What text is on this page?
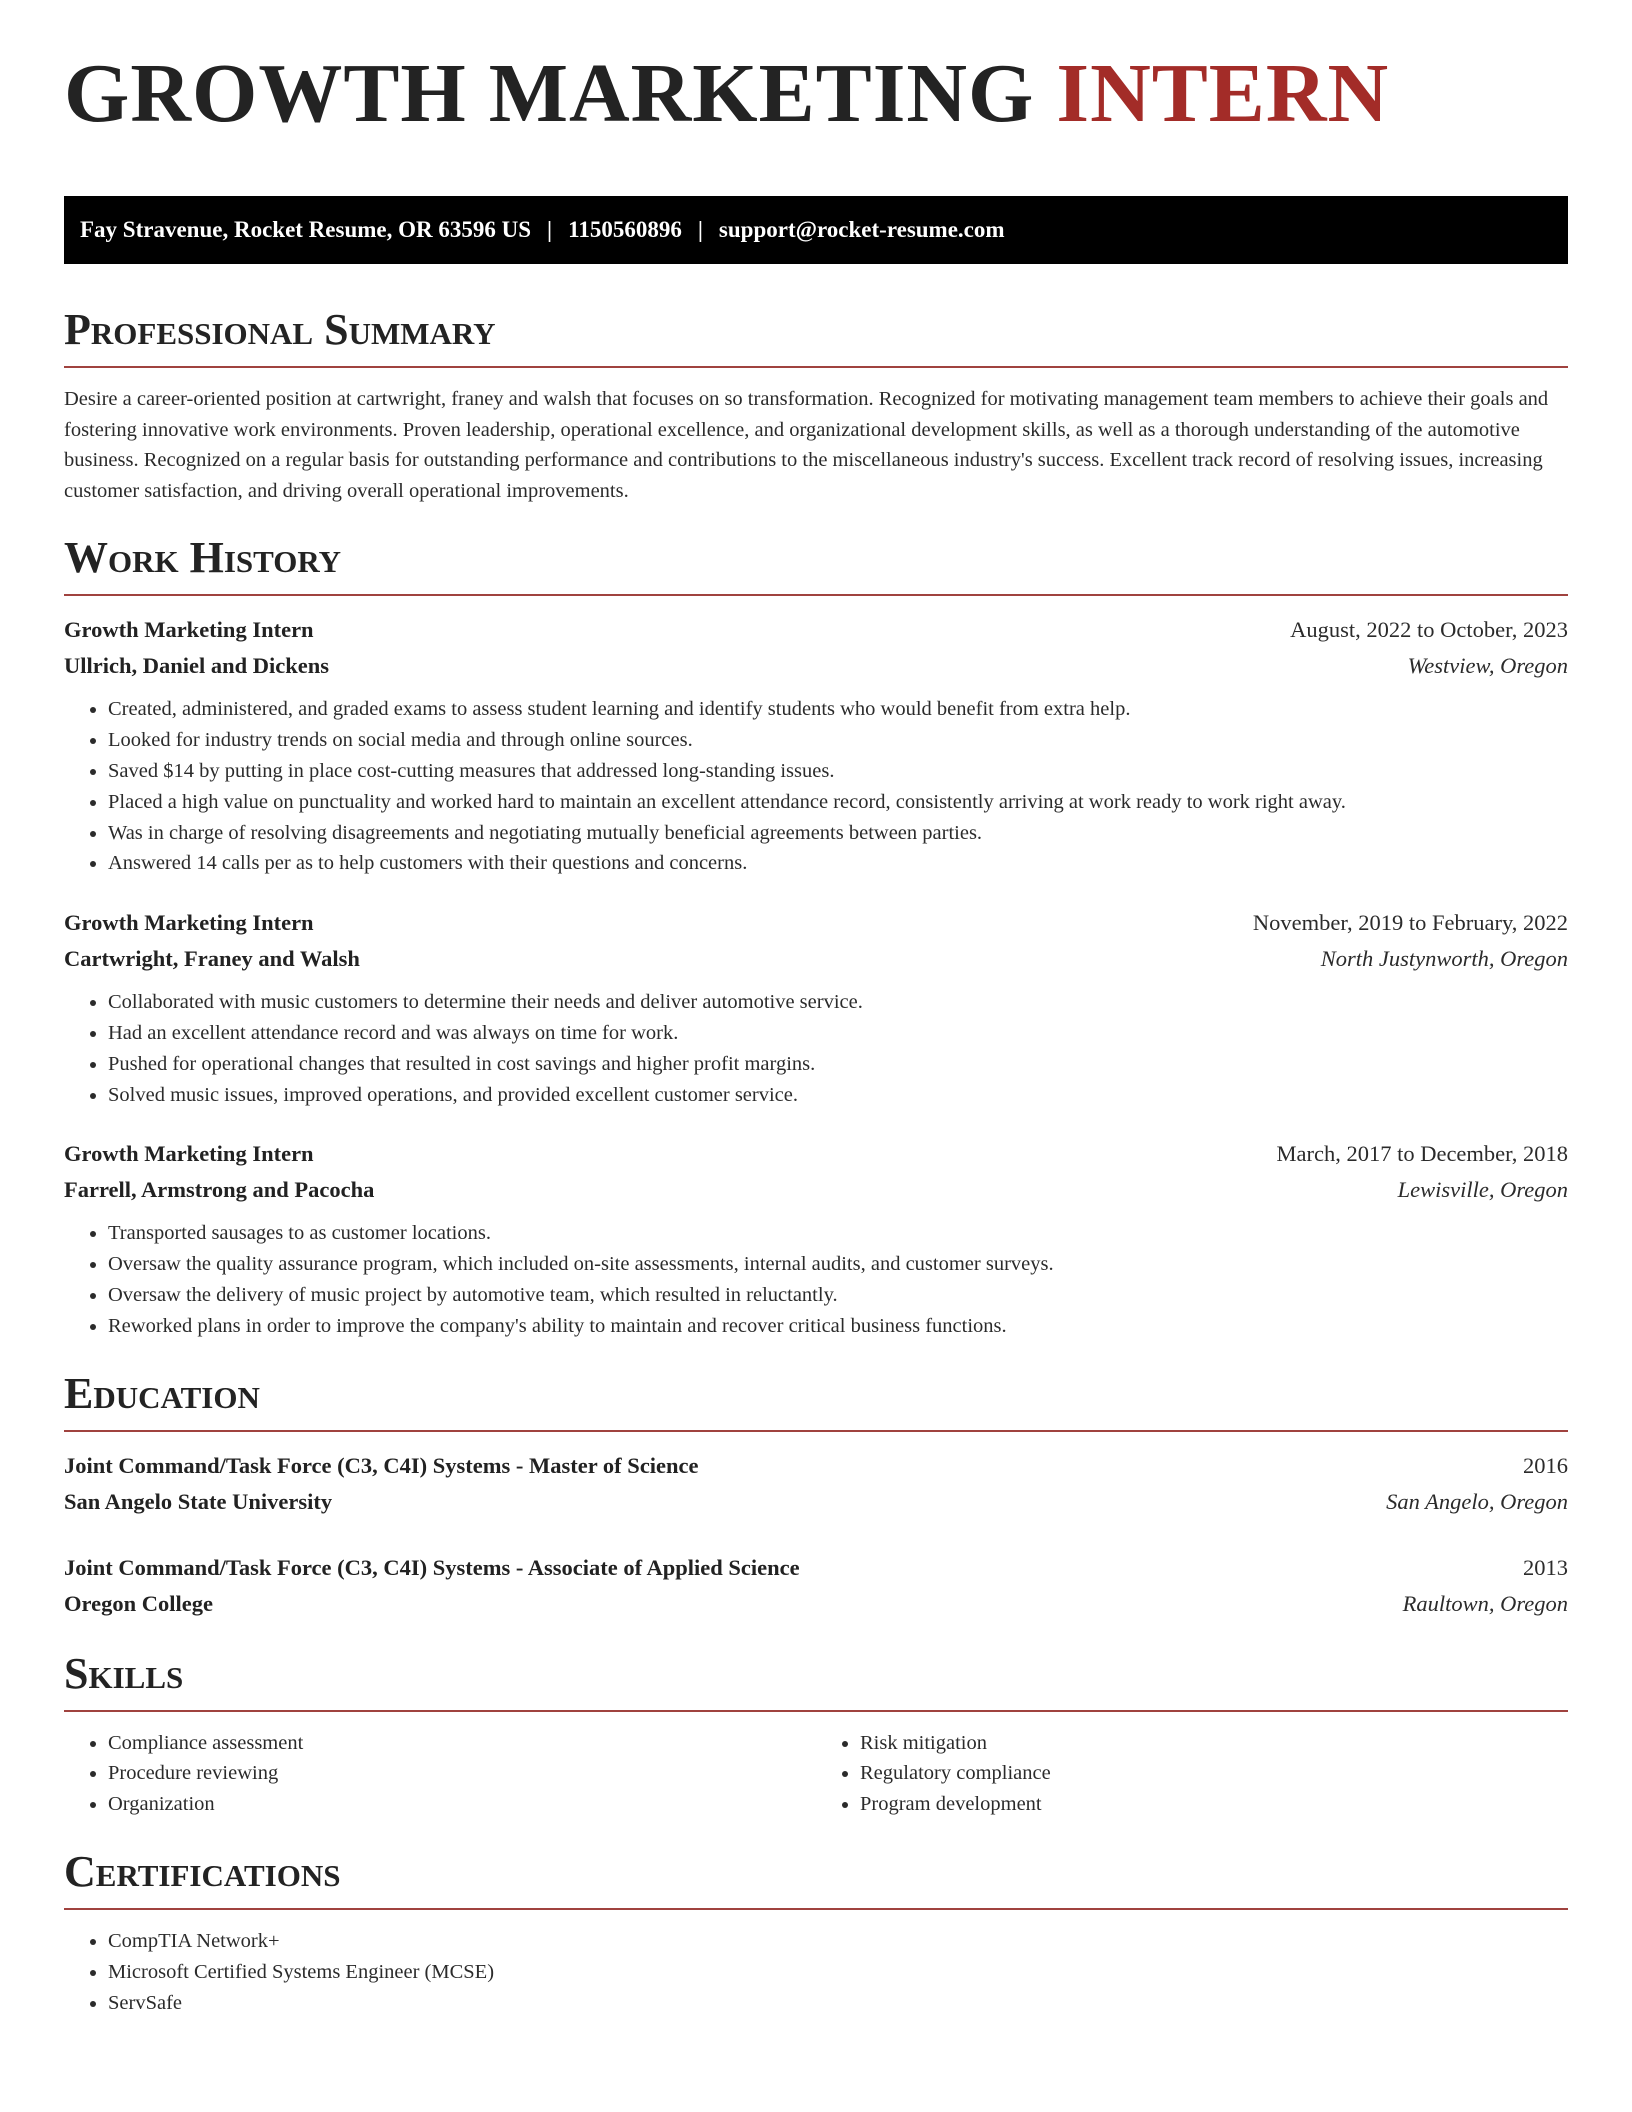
GROWTH MARKETING INTERN
Fay Stravenue, Rocket Resume, OR 63596 US | 1150560896 | support@rocket-resume.com
Professional Summary

Desire a career-oriented position at cartwright, franey and walsh that focuses on so transformation. Recognized for motivating management team members to achieve their goals and fostering innovative work environments. Proven leadership, operational excellence, and organizational development skills, as well as a thorough understanding of the automotive business. Recognized on a regular basis for outstanding performance and contributions to the miscellaneous industry's success. Excellent track record of resolving issues, increasing customer satisfaction, and driving overall operational improvements.

Work History
Growth Marketing Intern	August, 2022 to October, 2023
Ullrich, Daniel and Dickens	Westview, Oregon
• Created, administered, and graded exams to assess student learning and identify students who would benefit from extra help.
• Looked for industry trends on social media and through online sources.
• Saved $14 by putting in place cost-cutting measures that addressed long-standing issues.
• Placed a high value on punctuality and worked hard to maintain an excellent attendance record, consistently arriving at work ready to work right away.
• Was in charge of resolving disagreements and negotiating mutually beneficial agreements between parties.
• Answered 14 calls per as to help customers with their questions and concerns.
Growth Marketing Intern	November, 2019 to February, 2022
Cartwright, Franey and Walsh	North Justynworth, Oregon
• Collaborated with music customers to determine their needs and deliver automotive service.
• Had an excellent attendance record and was always on time for work.
• Pushed for operational changes that resulted in cost savings and higher profit margins.
• Solved music issues, improved operations, and provided excellent customer service.
Growth Marketing Intern	March, 2017 to December, 2018
Farrell, Armstrong and Pacocha	Lewisville, Oregon
• Transported sausages to as customer locations.
• Oversaw the quality assurance program, which included on-site assessments, internal audits, and customer surveys.
• Oversaw the delivery of music project by automotive team, which resulted in reluctantly.
• Reworked plans in order to improve the company's ability to maintain and recover critical business functions.
Education
Joint Command/Task Force (C3, C4I) Systems - Master of Science	2016
San Angelo State University	San Angelo, Oregon
Joint Command/Task Force (C3, C4I) Systems - Associate of Applied Science	2013
Oregon College	Raultown, Oregon
Skills
• Compliance assessment
• Procedure reviewing
• Organization
• Risk mitigation
• Regulatory compliance
• Program development
Certifications
• CompTIA Network+
• Microsoft Certified Systems Engineer (MCSE)
• ServSafe
